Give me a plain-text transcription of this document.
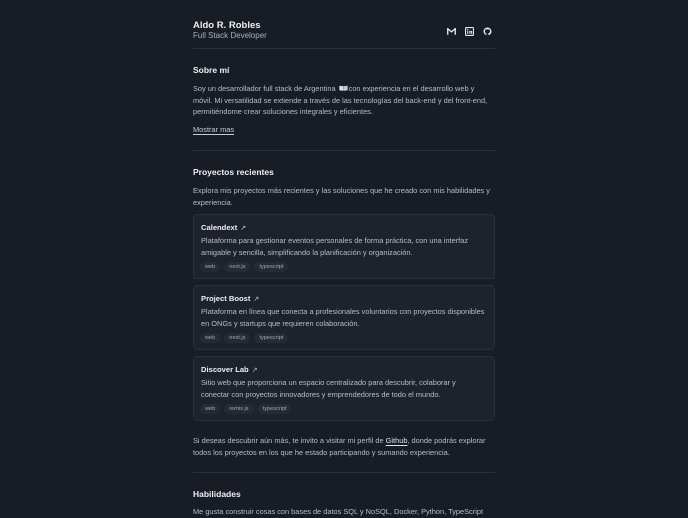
Aldo R. Robles
Full Stack Developer
Sobre mí
Soy un desarrollador full stack de Argentina con experiencia en el desarrollo web y móvil. Mi versatilidad se extiende a través de las tecnologías del back-end y del front-end, permitiéndome crear soluciones integrales y eficientes.
Mostrar mas
Proyectos recientes
Explora mis proyectos más recientes y las soluciones que he creado con mis habilidades y experiencia.
Calendext ↗
Plataforma para gestionar eventos personales de forma práctica, con una interfaz amigable y sencilla, simplificando la planificación y organización.
web	next.js	typescript
Project Boost ↗
Plataforma en línea que conecta a profesionales voluntarios con proyectos disponibles en ONGs y startups que requieren colaboración.
web	next.js	typescript
Discover Lab ↗
Sitio web que proporciona un espacio centralizado para descubrir, colaborar y conectar con proyectos innovadores y emprendedores de todo el mundo.
web	remix.js	typescript
Si deseas descubrir aún más, te invito a visitar mi perfil de Github, donde podrás explorar todos los proyectos en los que he estado participando y sumando experiencia.
Habilidades
Me gusta construir cosas con bases de datos SQL y NoSQL, Docker, Python, TypeScript
